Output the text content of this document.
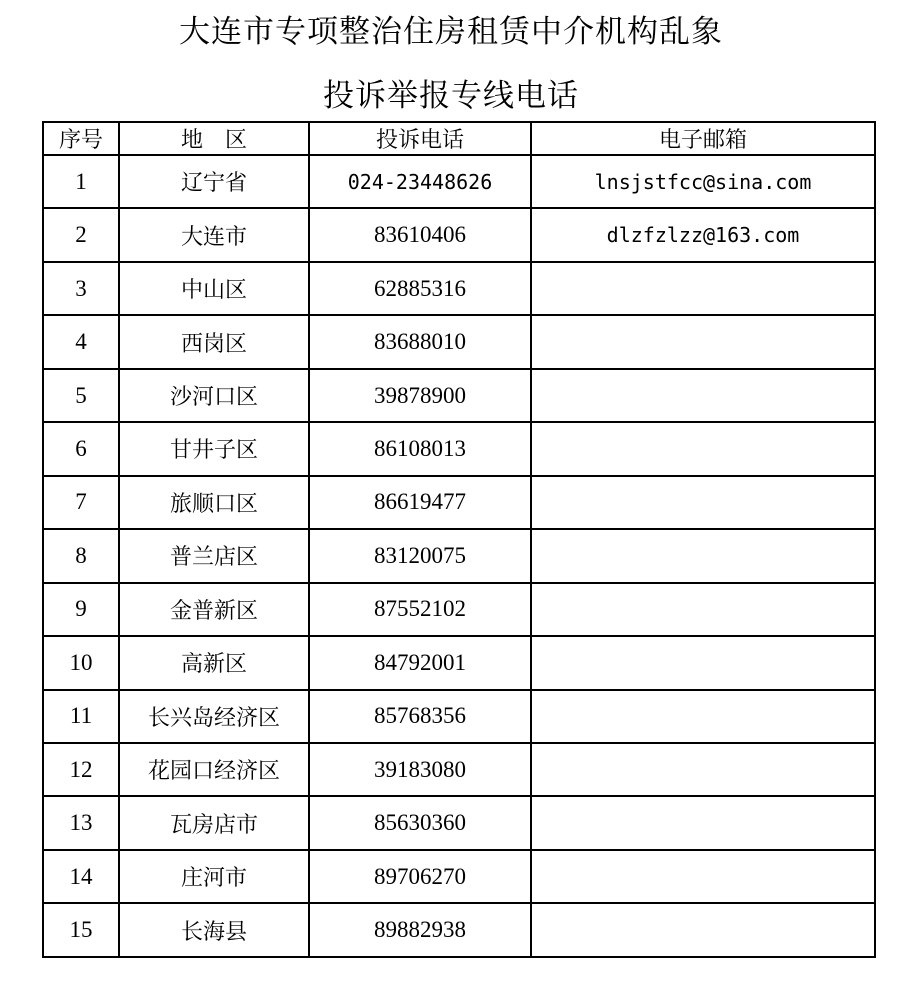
大连市专项整治住房租赁中介机构乱象
投诉举报专线电话
序号	地　区	投诉电话	电子邮箱
1	辽宁省	024-23448626	lnsjstfcc@sina.com
2	大连市	83610406	dlzfzlzz@163.com
3	中山区	62885316	
4	西岗区	83688010	
5	沙河口区	39878900	
6	甘井子区	86108013	
7	旅顺口区	86619477	
8	普兰店区	83120075	
9	金普新区	87552102	
10	高新区	84792001	
11	长兴岛经济区	85768356	
12	花园口经济区	39183080	
13	瓦房店市	85630360	
14	庄河市	89706270	
15	长海县	89882938	
